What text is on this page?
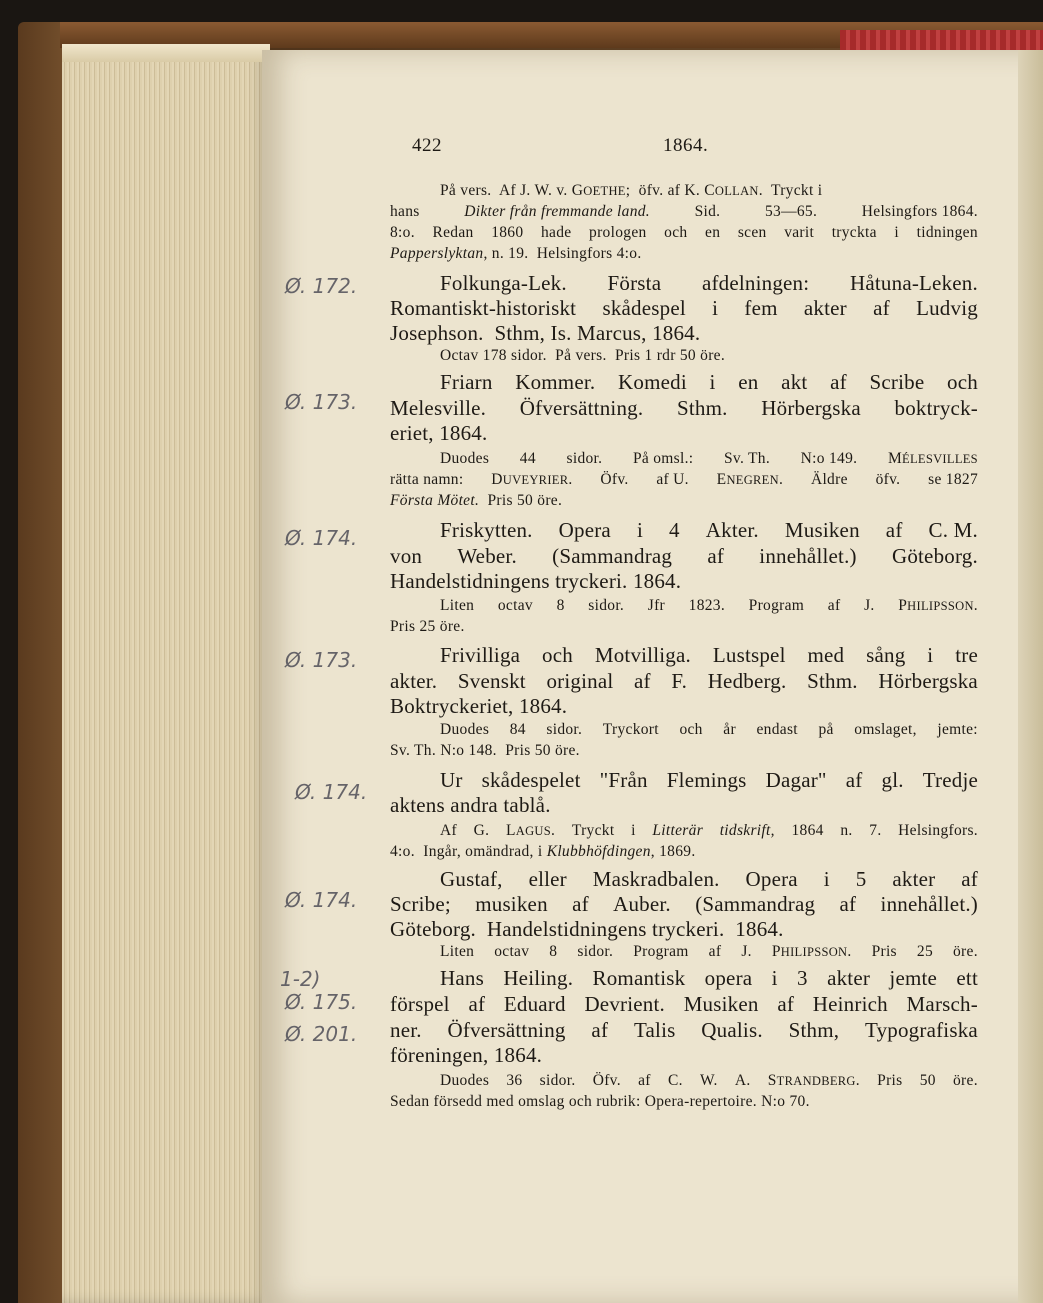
422	1864.
På vers.  Af J. W. v. GOETHE;  öfv. af K. COLLAN.  Tryckt i
hans	Dikter från fremmande land.	Sid.	53—65.	Helsingfors 1864.
8:o. Redan 1860 hade prologen och en scen varit tryckta i tidningen
Papperslyktan, n. 19.  Helsingfors 4:o.
Folkunga-Lek. Första afdelningen: Håtuna-Leken.
Romantiskt-historiskt skådespel i fem akter af Ludvig
Josephson.  Sthm, Is. Marcus, 1864.
Octav 178 sidor.  På vers.  Pris 1 rdr 50 öre.
Friarn Kommer. Komedi i en akt af Scribe och
Melesville. Öfversättning. Sthm. Hörbergska boktryck-
eriet, 1864.
Duodes 44 sidor. På omsl.: Sv. Th. N:o 149. MÉLESVILLES
rätta namn: DUVEYRIER. Öfv. af U. ENEGREN. Äldre öfv. se 1827
Första Mötet.  Pris 50 öre.
Friskytten. Opera i 4 Akter. Musiken af C. M.
von Weber. (Sammandrag af innehållet.) Göteborg.
Handelstidningens tryckeri. 1864.
Liten octav 8 sidor. Jfr 1823. Program af J. PHILIPSSON.
Pris 25 öre.
Frivilliga och Motvilliga. Lustspel med sång i tre
akter. Svenskt original af F. Hedberg. Sthm. Hörbergska
Boktryckeriet, 1864.
Duodes 84 sidor. Tryckort och år endast på omslaget, jemte:
Sv. Th. N:o 148.  Pris 50 öre.
Ur skådespelet "Från Flemings Dagar" af gl. Tredje
aktens andra tablå.
Af G. LAGUS. Tryckt i Litterär tidskrift, 1864 n. 7. Helsingfors.
4:o.  Ingår, omändrad, i Klubbhöfdingen, 1869.
Gustaf, eller Maskradbalen. Opera i 5 akter af
Scribe; musiken af Auber. (Sammandrag af innehållet.)
Göteborg.  Handelstidningens tryckeri.  1864.
Liten octav 8 sidor. Program af J. PHILIPSSON. Pris 25 öre.
Hans Heiling. Romantisk opera i 3 akter jemte ett
förspel af Eduard Devrient. Musiken af Heinrich Marsch-
ner. Öfversättning af Talis Qualis. Sthm, Typografiska
föreningen, 1864.
Duodes 36 sidor. Öfv. af C. W. A. STRANDBERG. Pris 50 öre.
Sedan försedd med omslag och rubrik: Opera-repertoire. N:o 70.
Ø. 172.
Ø. 173.
Ø. 174.
Ø. 173.
Ø. 174.
Ø. 174.
1-2)
Ø. 175.
Ø. 201.
